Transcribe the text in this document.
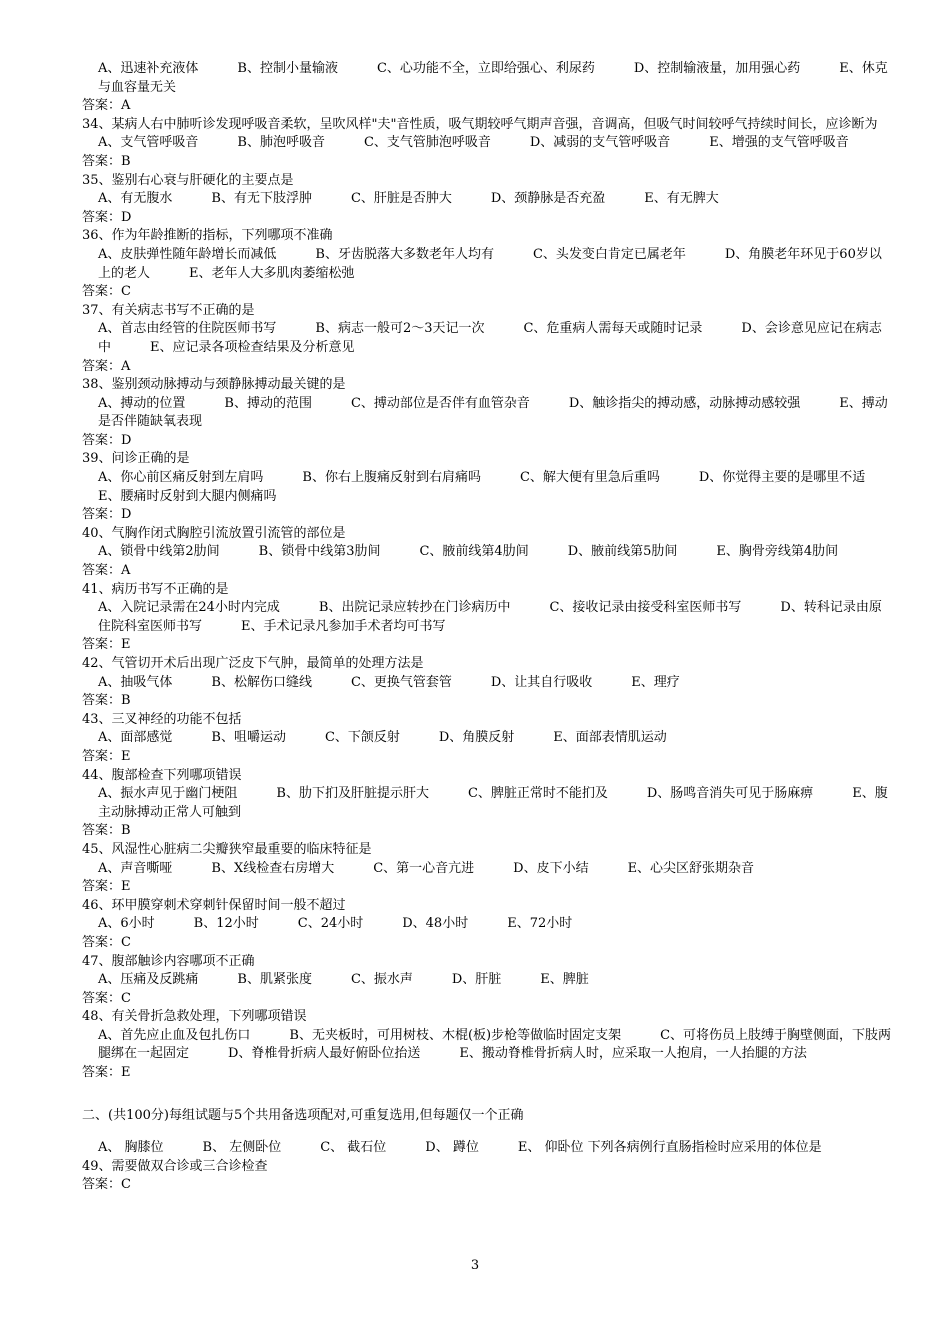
A、迅速补充液体　　　B、控制小量输液　　　C、心功能不全，立即给强心、利尿药　　　D、控制输液量，加用强心药　　　E、休克与血容量无关
答案：A
34、某病人右中肺听诊发现呼吸音柔软，呈吹风样"夫"音性质，吸气期较呼气期声音强，音调高，但吸气时间较呼气持续时间长，应诊断为
A、支气管呼吸音　　　B、肺泡呼吸音　　　C、支气管肺泡呼吸音　　　D、减弱的支气管呼吸音　　　E、增强的支气管呼吸音
答案：B
35、鉴别右心衰与肝硬化的主要点是
A、有无腹水　　　B、有无下肢浮肿　　　C、肝脏是否肿大　　　D、颈静脉是否充盈　　　E、有无脾大
答案：D
36、作为年龄推断的指标，下列哪项不准确
A、皮肤弹性随年龄增长而减低　　　B、牙齿脱落大多数老年人均有　　　C、头发变白肯定已属老年　　　D、角膜老年环见于60岁以上的老人　　　E、老年人大多肌肉萎缩松弛
答案：C
37、有关病志书写不正确的是
A、首志由经管的住院医师书写　　　B、病志一般可2～3天记一次　　　C、危重病人需每天或随时记录　　　D、会诊意见应记在病志中　　　E、应记录各项检查结果及分析意见
答案：A
38、鉴别颈动脉搏动与颈静脉搏动最关键的是
A、搏动的位置　　　B、搏动的范围　　　C、搏动部位是否伴有血管杂音　　　D、触诊指尖的搏动感，动脉搏动感较强　　　E、搏动是否伴随缺氧表现
答案：D
39、问诊正确的是
A、你心前区痛反射到左肩吗　　　B、你右上腹痛反射到右肩痛吗　　　C、解大便有里急后重吗　　　D、你觉得主要的是哪里不适　　　E、腰痛时反射到大腿内侧痛吗
答案：D
40、气胸作闭式胸腔引流放置引流管的部位是
A、锁骨中线第2肋间　　　B、锁骨中线第3肋间　　　C、腋前线第4肋间　　　D、腋前线第5肋间　　　E、胸骨旁线第4肋间
答案：A
41、病历书写不正确的是
A、入院记录需在24小时内完成　　　B、出院记录应转抄在门诊病历中　　　C、接收记录由接受科室医师书写　　　D、转科记录由原住院科室医师书写　　　E、手术记录凡参加手术者均可书写
答案：E
42、气管切开术后出现广泛皮下气肿，最简单的处理方法是
A、抽吸气体　　　B、松解伤口缝线　　　C、更换气管套管　　　D、让其自行吸收　　　E、理疗
答案：B
43、三叉神经的功能不包括
A、面部感觉　　　B、咀嚼运动　　　C、下颌反射　　　D、角膜反射　　　E、面部表情肌运动
答案：E
44、腹部检查下列哪项错误
A、振水声见于幽门梗阻　　　B、肋下扪及肝脏提示肝大　　　C、脾脏正常时不能扪及　　　D、肠鸣音消失可见于肠麻痹　　　E、腹主动脉搏动正常人可触到
答案：B
45、风湿性心脏病二尖瓣狭窄最重要的临床特征是
A、声音嘶哑　　　B、X线检查右房增大　　　C、第一心音亢进　　　D、皮下小结　　　E、心尖区舒张期杂音
答案：E
46、环甲膜穿刺术穿刺针保留时间一般不超过
A、6小时　　　B、12小时　　　C、24小时　　　D、48小时　　　E、72小时
答案：C
47、腹部触诊内容哪项不正确
A、压痛及反跳痛　　　B、肌紧张度　　　C、振水声　　　D、肝脏　　　E、脾脏
答案：C
48、有关骨折急救处理，下列哪项错误
A、首先应止血及包扎伤口　　　B、无夹板时，可用树枝、木棍(板)步枪等做临时固定支架　　　C、可将伤员上肢缚于胸壁侧面，下肢两腿绑在一起固定　　　D、脊椎骨折病人最好俯卧位抬送　　　E、搬动脊椎骨折病人时，应采取一人抱肩，一人抬腿的方法
答案：E
二、(共100分)每组试题与5个共用备选项配对,可重复选用,但每题仅一个正确
A、 胸膝位　　　B、 左侧卧位　　　C、 截石位　　　D、 蹲位　　　E、 仰卧位 下列各病例行直肠指检时应采用的体位是
49、需要做双合诊或三合诊检查
答案：C
3
